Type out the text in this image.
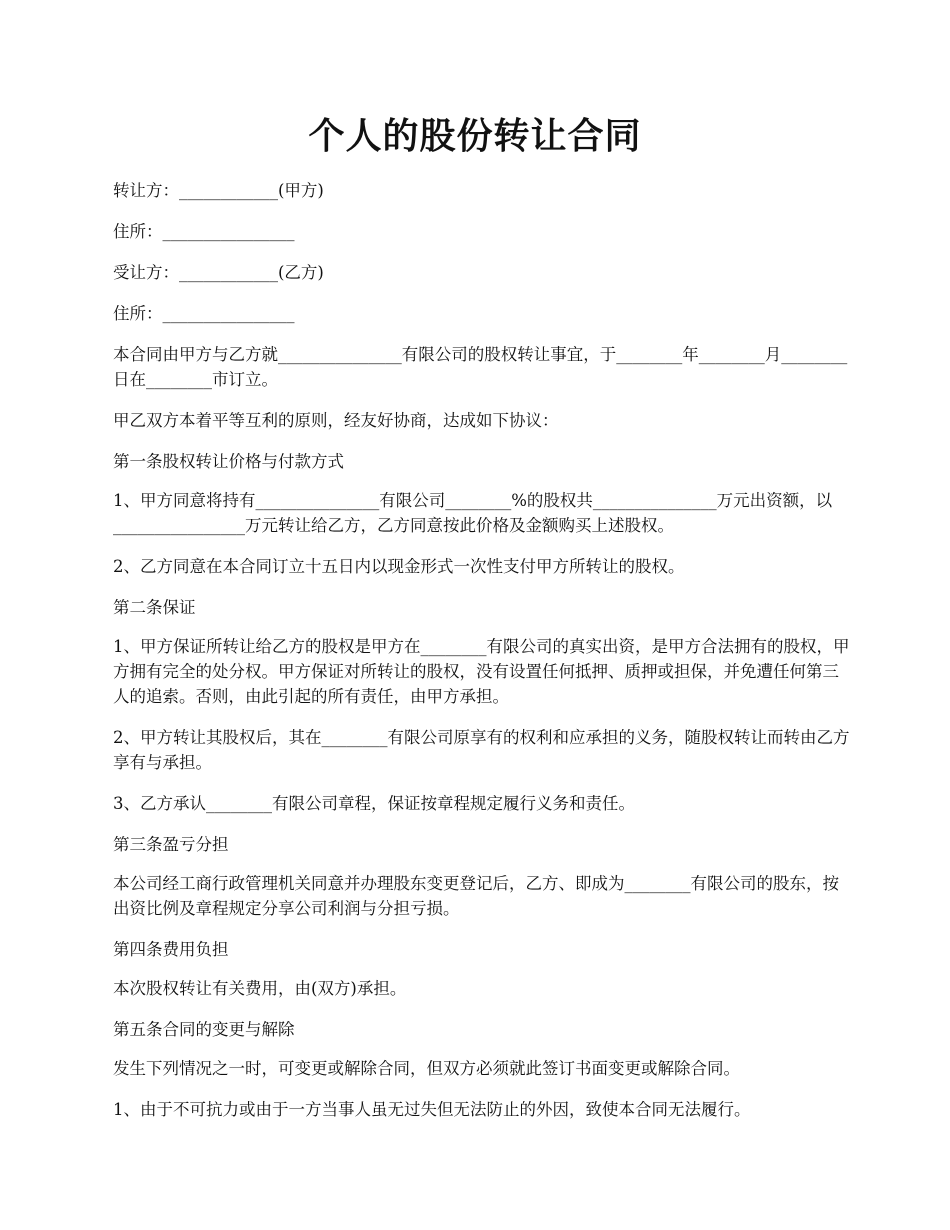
个人的股份转让合同

转让方：____________(甲方)

住所：________________

受让方：____________(乙方)

住所：________________

本合同由甲方与乙方就_______________有限公司的股权转让事宜，于________年________月________日在________市订立。

甲乙双方本着平等互利的原则，经友好协商，达成如下协议：

第一条股权转让价格与付款方式

1、甲方同意将持有_______________有限公司________%的股权共_______________万元出资额，以________________万元转让给乙方，乙方同意按此价格及金额购买上述股权。

2、乙方同意在本合同订立十五日内以现金形式一次性支付甲方所转让的股权。

第二条保证

1、甲方保证所转让给乙方的股权是甲方在________有限公司的真实出资，是甲方合法拥有的股权，甲方拥有完全的处分权。甲方保证对所转让的股权，没有设置任何抵押、质押或担保，并免遭任何第三人的追索。否则，由此引起的所有责任，由甲方承担。

2、甲方转让其股权后，其在________有限公司原享有的权利和应承担的义务，随股权转让而转由乙方享有与承担。

3、乙方承认________有限公司章程，保证按章程规定履行义务和责任。

第三条盈亏分担

本公司经工商行政管理机关同意并办理股东变更登记后，乙方、即成为________有限公司的股东，按出资比例及章程规定分享公司利润与分担亏损。

第四条费用负担

本次股权转让有关费用，由(双方)承担。

第五条合同的变更与解除

发生下列情况之一时，可变更或解除合同，但双方必须就此签订书面变更或解除合同。

1、由于不可抗力或由于一方当事人虽无过失但无法防止的外因，致使本合同无法履行。
